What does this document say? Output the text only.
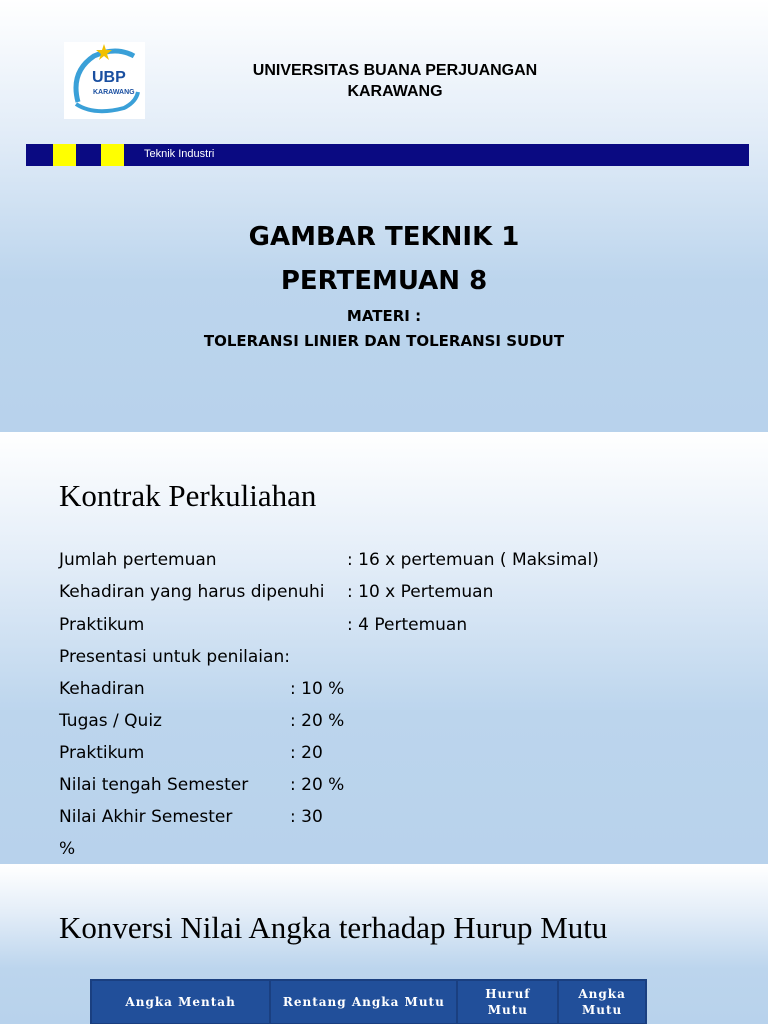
UBP
KARAWANG
UNIVERSITAS BUANA PERJUANGAN
KARAWANG
Teknik Industri
GAMBAR TEKNIK 1
PERTEMUAN 8
MATERI :
TOLERANSI LINIER DAN TOLERANSI SUDUT
Kontrak Perkuliahan
Jumlah pertemuan	: 16 x pertemuan ( Maksimal)
Kehadiran yang harus dipenuhi : 10 x Pertemuan
Praktikum	: 4 Pertemuan
Presentasi untuk penilaian:
Kehadiran	: 10 %
Tugas / Quiz	: 20 %
Praktikum	: 20
Nilai tengah Semester : 20 %
Nilai Akhir Semester	: 30
%
Konversi Nilai Angka terhadap Hurup Mutu
Angka Mentah	Rentang Angka Mutu	Huruf Mutu	Angka Mutu
